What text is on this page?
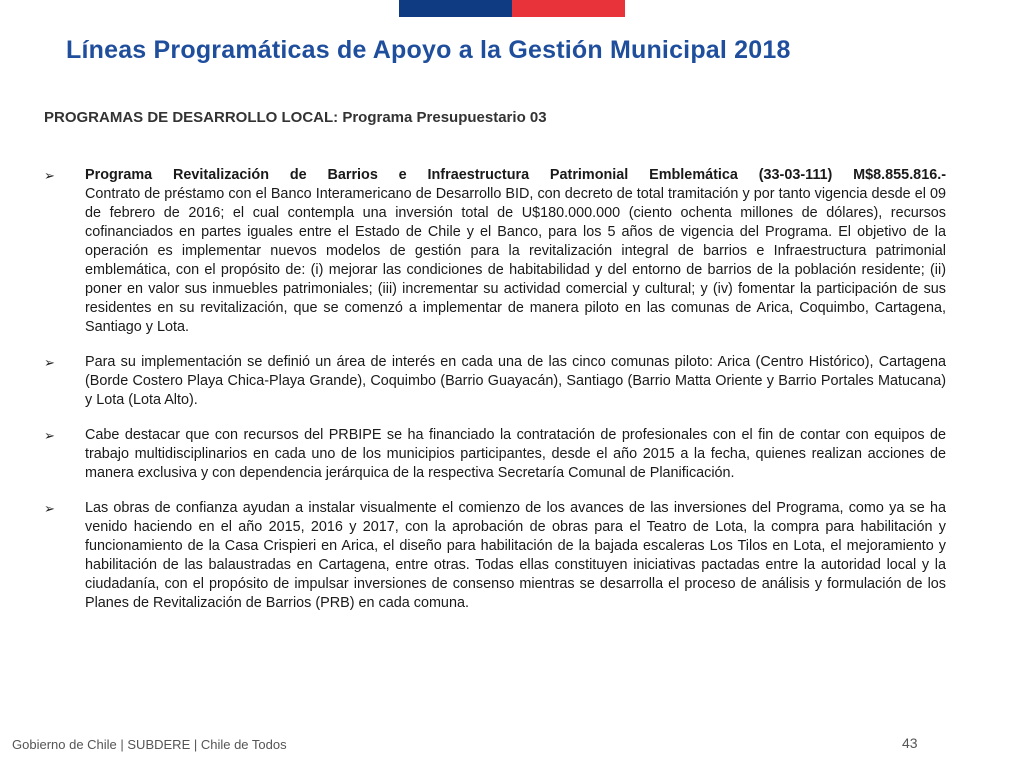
Líneas Programáticas de Apoyo a la Gestión Municipal 2018
PROGRAMAS DE DESARROLLO LOCAL: Programa Presupuestario 03
➢ Programa Revitalización de Barrios e Infraestructura Patrimonial Emblemática (33-03-111) M$8.855.816.-
Contrato de préstamo con el Banco Interamericano de Desarrollo BID, con decreto de total tramitación y por tanto vigencia desde el 09 de febrero de 2016; el cual contempla una inversión total de U$180.000.000 (ciento ochenta millones de dólares), recursos cofinanciados en partes iguales entre el Estado de Chile y el Banco, para los 5 años de vigencia del Programa. El objetivo de la operación es implementar nuevos modelos de gestión para la revitalización integral de barrios e Infraestructura patrimonial emblemática, con el propósito de: (i) mejorar las condiciones de habitabilidad y del entorno de barrios de la población residente; (ii) poner en valor sus inmuebles patrimoniales; (iii) incrementar su actividad comercial y cultural; y (iv) fomentar la participación de sus residentes en su revitalización, que se comenzó a implementar de manera piloto en las comunas de Arica, Coquimbo, Cartagena, Santiago y Lota.
➢ Para su implementación se definió un área de interés en cada una de las cinco comunas piloto: Arica (Centro Histórico), Cartagena (Borde Costero Playa Chica-Playa Grande), Coquimbo (Barrio Guayacán), Santiago (Barrio Matta Oriente y Barrio Portales Matucana) y Lota (Lota Alto).
➢ Cabe destacar que con recursos del PRBIPE se ha financiado la contratación de profesionales con el fin de contar con equipos de trabajo multidisciplinarios en cada uno de los municipios participantes, desde el año 2015 a la fecha, quienes realizan acciones de manera exclusiva y con dependencia jerárquica de la respectiva Secretaría Comunal de Planificación.
➢ Las obras de confianza ayudan a instalar visualmente el comienzo de los avances de las inversiones del Programa, como ya se ha venido haciendo en el año 2015, 2016 y 2017, con la aprobación de obras para el Teatro de Lota, la compra para habilitación y funcionamiento de la Casa Crispieri en Arica, el diseño para habilitación de la bajada escaleras Los Tilos en Lota, el mejoramiento y habilitación de las balaustradas en Cartagena, entre otras. Todas ellas constituyen iniciativas pactadas entre la autoridad local y la ciudadanía, con el propósito de impulsar inversiones de consenso mientras se desarrolla el proceso de análisis y formulación de los Planes de Revitalización de Barrios (PRB) en cada comuna.
Gobierno de Chile | SUBDERE | Chile de Todos	43
